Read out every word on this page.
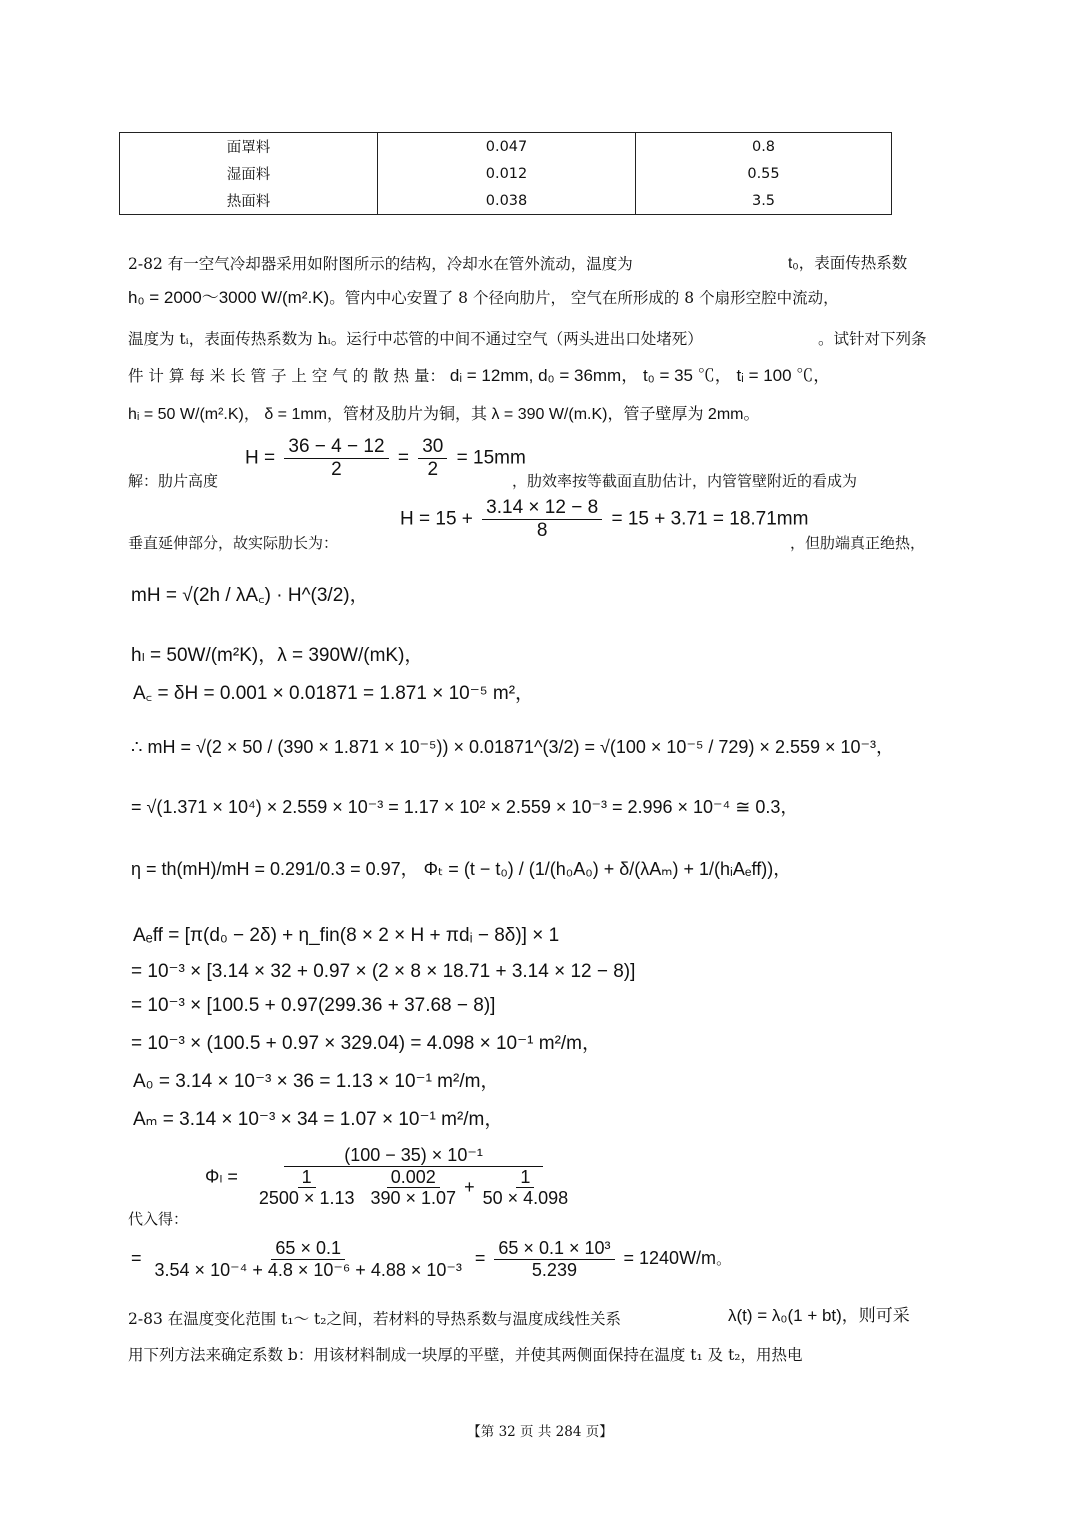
面罩料	0.047	0.8
湿面料	0.012	0.55
热面料	0.038	3.5
2-82 有一空气冷却器采用如附图所示的结构，冷却水在管外流动，温度为	t₀，表面传热系数
h₀ = 2000～3000 W/(m².K)。管内中心安置了 8 个径向肋片， 空气在所形成的 8 个扇形空腔中流动，
温度为 tᵢ，表面传热系数为 hᵢ。运行中芯管的中间不通过空气（两头进出口处堵死）	。试针对下列条
件 计 算 每 米 长 管 子 上 空 气 的 散 热 量： dᵢ = 12mm, d₀ = 36mm， t₀ = 35 ℃， tᵢ = 100 ℃，
hᵢ = 50 W/(m².K)， δ = 1mm，管材及肋片为铜，其 λ = 390 W/(m.K)，管子壁厚为 2mm。
解：肋片高度
$H = \frac{36 - 4 - 12}{2} = \frac{30}{2} = 15mm$
，肋效率按等截面直肋估计，内管管壁附近的看成为
垂直延伸部分，故实际肋长为：
$H = 15 + \frac{3.14 \times 12 - 8}{8} = 15 + 3.71 = 18.71mm$
，但肋端真正绝热，
mH = √(2h / λA꜀) · H^(3/2)，
hₗ = 50W/(m²K)，λ = 390W/(mK)，
A꜀ = δH = 0.001 × 0.01871 = 1.871 × 10⁻⁵ m²，
∴ mH = √(2 × 50 / (390 × 1.871 × 10⁻⁵)) × 0.01871^(3/2) = √(100 × 10⁻⁵ / 729) × 2.559 × 10⁻³，
= √(1.371 × 10⁴) × 2.559 × 10⁻³ = 1.17 × 10² × 2.559 × 10⁻³ = 2.996 × 10⁻⁴ ≅ 0.3，
η = th(mH)/mH = 0.291/0.3 = 0.97， Φₜ = (t − t₀) / (1/(h₀A₀) + δ/(λAₘ) + 1/(hᵢAₑff))，
Aₑff = [π(d₀ − 2δ) + η_fin(8 × 2 × H + πdᵢ − 8δ)] × 1
= 10⁻³ × [3.14 × 32 + 0.97 × (2 × 8 × 18.71 + 3.14 × 12 − 8)]
= 10⁻³ × [100.5 + 0.97(299.36 + 37.68 − 8)]
= 10⁻³ × (100.5 + 0.97 × 329.04) = 4.098 × 10⁻¹ m²/m，
A₀ = 3.14 × 10⁻³ × 36 = 1.13 × 10⁻¹ m²/m，
Aₘ = 3.14 × 10⁻³ × 34 = 1.07 × 10⁻¹ m²/m，
代入得：
$\Phi_l = \frac{\text{(100 − 35) × 10⁻¹}}{\frac{1}{2500 \times 1.13} \frac{0.002}{390 \times 1.07} + \frac{1}{50 \times 4.098}}$
= $\frac{65 \times 0.1}{\text{3.54 × 10⁻⁴ + 4.8 × 10⁻⁶ + 4.88 × 10⁻³}} = \frac{\text{65 × 0.1 × 10³}}{5.239} = 1240W/m$。
2-83 在温度变化范围 t₁～ t₂之间，若材料的导热系数与温度成线性关系	λ(t) = λ₀(1 + bt)，则可采
用下列方法来确定系数 b：用该材料制成一块厚的平壁，并使其两侧面保持在温度 t₁ 及 t₂，用热电
【第 32 页 共 284 页】
